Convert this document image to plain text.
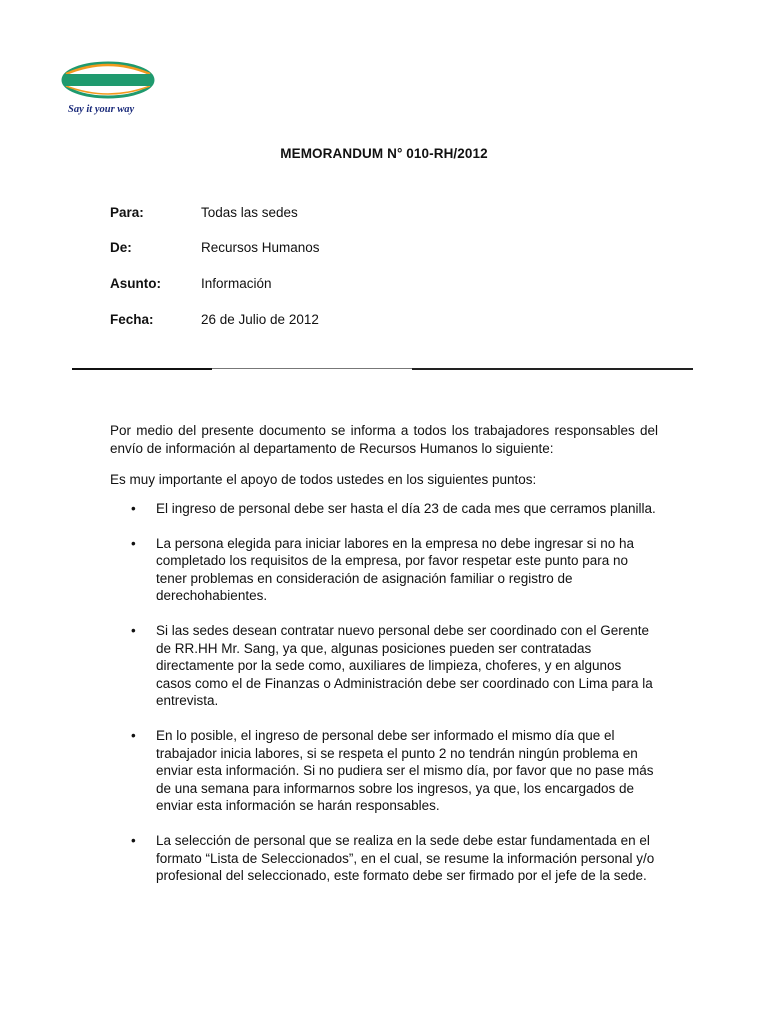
Say it your way
MEMORANDUM N° 010-RH/2012
Para:	Todas las sedes
De:	Recursos Humanos
Asunto:	Información
Fecha:	26 de Julio de 2012
Por medio del presente documento se informa a todos los trabajadores responsables del envío de información al departamento de Recursos Humanos lo siguiente:
Es muy importante el apoyo de todos ustedes en los siguientes puntos:
• El ingreso de personal debe ser hasta el día 23 de cada mes que cerramos planilla.
• La persona elegida para iniciar labores en la empresa no debe ingresar si no ha completado los requisitos de la empresa, por favor respetar este punto para no tener problemas en consideración de asignación familiar o registro de derechohabientes.
• Si las sedes desean contratar nuevo personal debe ser coordinado con el Gerente de RR.HH Mr. Sang, ya que, algunas posiciones pueden ser contratadas directamente por la sede como, auxiliares de limpieza, choferes, y en algunos casos como el de Finanzas o Administración debe ser coordinado con Lima para la entrevista.
• En lo posible, el ingreso de personal debe ser informado el mismo día que el trabajador inicia labores, si se respeta el punto 2 no tendrán ningún problema en enviar esta información. Si no pudiera ser el mismo día, por favor que no pase más de una semana para informarnos sobre los ingresos, ya que, los encargados de enviar esta información se harán responsables.
• La selección de personal que se realiza en la sede debe estar fundamentada en el formato “Lista de Seleccionados”, en el cual, se resume la información personal y/o profesional del seleccionado, este formato debe ser firmado por el jefe de la sede.
